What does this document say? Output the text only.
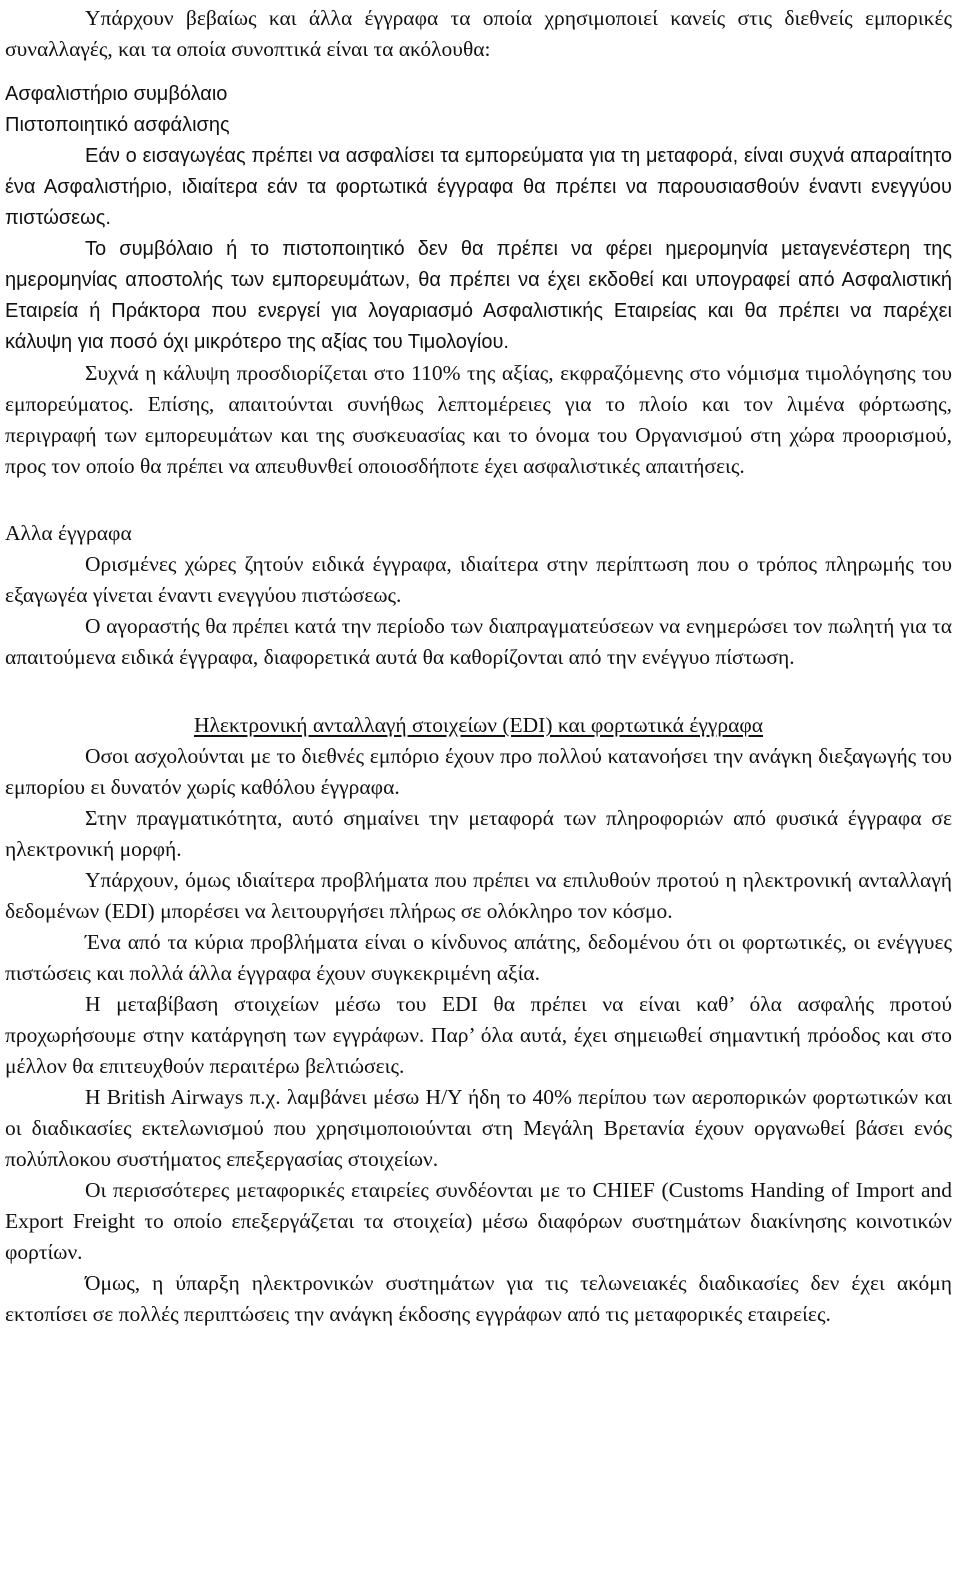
Υπάρχουν βεβαίως και άλλα έγγραφα τα οποία χρησιμοποιεί κανείς στις διεθνείς εμπορικές συναλλαγές, και τα οποία συνοπτικά είναι τα ακόλουθα:

Ασφαλιστήριο συμβόλαιο

Πιστοποιητικό ασφάλισης

Εάν ο εισαγωγέας πρέπει να ασφαλίσει τα εμπορεύματα για τη μεταφορά, είναι συχνά απαραίτητο ένα Ασφαλιστήριο, ιδιαίτερα εάν τα φορτωτικά έγγραφα θα πρέπει να παρουσιασθούν έναντι ενεγγύου πιστώσεως.

Το συμβόλαιο ή το πιστοποιητικό δεν θα πρέπει να φέρει ημερομηνία μεταγενέστερη της ημερομηνίας αποστολής των εμπορευμάτων, θα πρέπει να έχει εκδοθεί και υπογραφεί από Ασφαλιστική Εταιρεία ή Πράκτορα που ενεργεί για λογαριασμό Ασφαλιστικής Εταιρείας και θα πρέπει να παρέχει κάλυψη για ποσό όχι μικρότερο της αξίας του Τιμολογίου.

Συχνά η κάλυψη προσδιορίζεται στο 110% της αξίας, εκφραζόμενης στο νόμισμα τιμολόγησης του εμπορεύματος. Επίσης, απαιτούνται συνήθως λεπτομέρειες για το πλοίο και τον λιμένα φόρτωσης, περιγραφή των εμπορευμάτων και της συσκευασίας και το όνομα του Οργανισμού στη χώρα προορισμού, προς τον οποίο θα πρέπει να απευθυνθεί οποιοσδήποτε έχει ασφαλιστικές απαιτήσεις.

Αλλα έγγραφα

Ορισμένες χώρες ζητούν ειδικά έγγραφα, ιδιαίτερα στην περίπτωση που ο τρόπος πληρωμής του εξαγωγέα γίνεται έναντι ενεγγύου πιστώσεως.

Ο αγοραστής θα πρέπει κατά την περίοδο των διαπραγματεύσεων να ενημερώσει τον πωλητή για τα απαιτούμενα ειδικά έγγραφα, διαφορετικά αυτά θα καθορίζονται από την ενέγγυο πίστωση.

Ηλεκτρονική ανταλλαγή στοιχείων (EDI) και φορτωτικά έγγραφα

Οσοι ασχολούνται με το διεθνές εμπόριο έχουν προ πολλού κατανοήσει την ανάγκη διεξαγωγής του εμπορίου ει δυνατόν χωρίς καθόλου έγγραφα.

Στην πραγματικότητα, αυτό σημαίνει την μεταφορά των πληροφοριών από φυσικά έγγραφα σε ηλεκτρονική μορφή.

Υπάρχουν, όμως ιδιαίτερα προβλήματα που πρέπει να επιλυθούν προτού η ηλεκτρονική ανταλλαγή δεδομένων (EDI) μπορέσει να λειτουργήσει πλήρως σε ολόκληρο τον κόσμο.

Ένα από τα κύρια προβλήματα είναι ο κίνδυνος απάτης, δεδομένου ότι οι φορτωτικές, οι ενέγγυες πιστώσεις και πολλά άλλα έγγραφα έχουν συγκεκριμένη αξία.

Η μεταβίβαση στοιχείων μέσω του EDI θα πρέπει να είναι καθ’ όλα ασφαλής προτού προχωρήσουμε στην κατάργηση των εγγράφων. Παρ’ όλα αυτά, έχει σημειωθεί σημαντική πρόοδος και στο μέλλον θα επιτευχθούν περαιτέρω βελτιώσεις.

Η British Airways π.χ. λαμβάνει μέσω Η/Υ ήδη το 40% περίπου των αεροπορικών φορτωτικών και οι διαδικασίες εκτελωνισμού που χρησιμοποιούνται στη Μεγάλη Βρετανία έχουν οργανωθεί βάσει ενός πολύπλοκου συστήματος επεξεργασίας στοιχείων.

Οι περισσότερες μεταφορικές εταιρείες συνδέονται με το CHIEF (Customs Handing of Import and Export Freight το οποίο επεξεργάζεται τα στοιχεία) μέσω διαφόρων συστημάτων διακίνησης κοινοτικών φορτίων.

Όμως, η ύπαρξη ηλεκτρονικών συστημάτων για τις τελωνειακές διαδικασίες δεν έχει ακόμη εκτοπίσει σε πολλές περιπτώσεις την ανάγκη έκδοσης εγγράφων από τις μεταφορικές εταιρείες.
